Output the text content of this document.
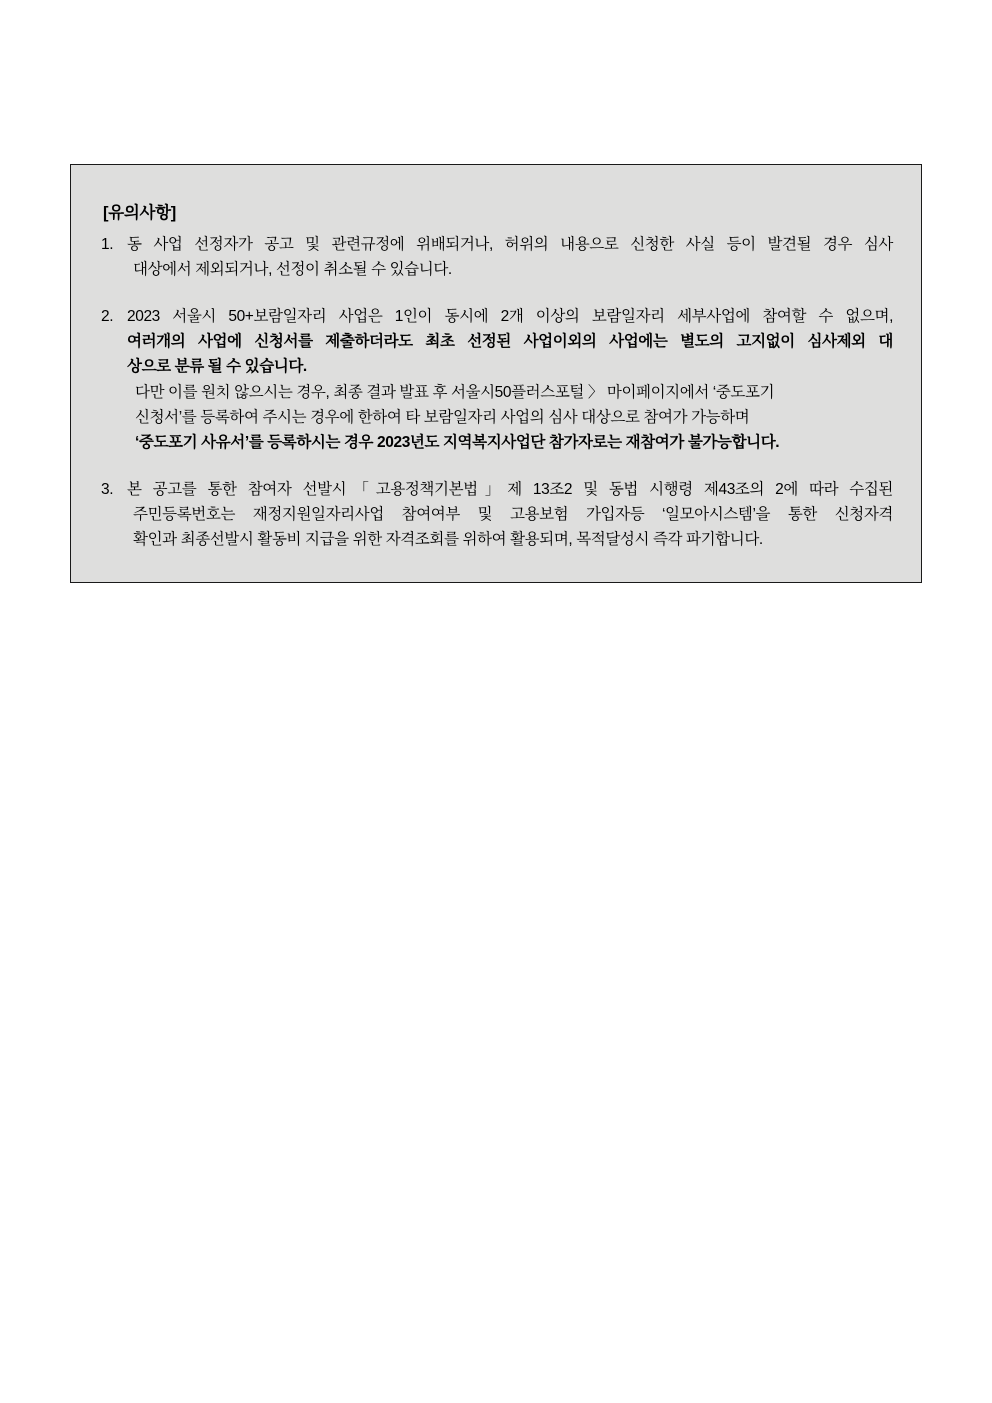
[유의사항]
1. 동 사업 선정자가 공고 및 관련규정에 위배되거나, 허위의 내용으로 신청한 사실 등이 발견될 경우 심사
대상에서 제외되거나, 선정이 취소될 수 있습니다.
2. 2023 서울시 50+보람일자리 사업은 1인이 동시에 2개 이상의 보람일자리 세부사업에 참여할 수 없으며,
여러개의 사업에 신청서를 제출하더라도 최초 선정된 사업이외의 사업에는 별도의 고지없이 심사제외 대
상으로 분류 될 수 있습니다.
다만 이를 원치 않으시는 경우, 최종 결과 발표 후 서울시50플러스포털 〉 마이페이지에서 ‘중도포기
신청서’를 등록하여 주시는 경우에 한하여 타 보람일자리 사업의 심사 대상으로 참여가 가능하며
‘중도포기 사유서’를 등록하시는 경우 2023년도 지역복지사업단 참가자로는 재참여가 불가능합니다.
3. 본 공고를 통한 참여자 선발시「고용정책기본법」제 13조2 및 동법 시행령 제43조의 2에 따라 수집된
주민등록번호는 재정지원일자리사업 참여여부 및 고용보험 가입자등 ‘일모아시스템’을 통한 신청자격
확인과 최종선발시 활동비 지급을 위한 자격조회를 위하여 활용되며, 목적달성시 즉각 파기합니다.
